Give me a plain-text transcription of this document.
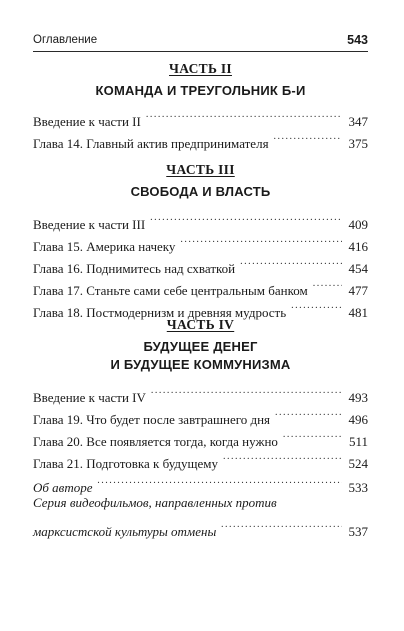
Оглавление	543
ЧАСТЬ II
КОМАНДА И ТРЕУГОЛЬНИК Б-И
Введение к части II . . .	347
Глава 14. Главный актив предпринимателя . . .	375
ЧАСТЬ III
СВОБОДА И ВЛАСТЬ
Введение к части III . . .	409
Глава 15. Америка начеку . . .	416
Глава 16. Поднимитесь над схваткой . . .	454
Глава 17. Станьте сами себе центральным банком . . .	477
Глава 18. Постмодернизм и древняя мудрость . . .	481
ЧАСТЬ IV
БУДУЩЕЕ ДЕНЕГ
И БУДУЩЕЕ КОММУНИЗМА
Введение к части IV . . .	493
Глава 19. Что будет после завтрашнего дня . . .	496
Глава 20. Все появляется тогда, когда нужно . . .	511
Глава 21. Подготовка к будущему . . .	524
Об авторе . . .	533
Серия видеофильмов, направленных против
марксистской культуры отмены . . .	537
